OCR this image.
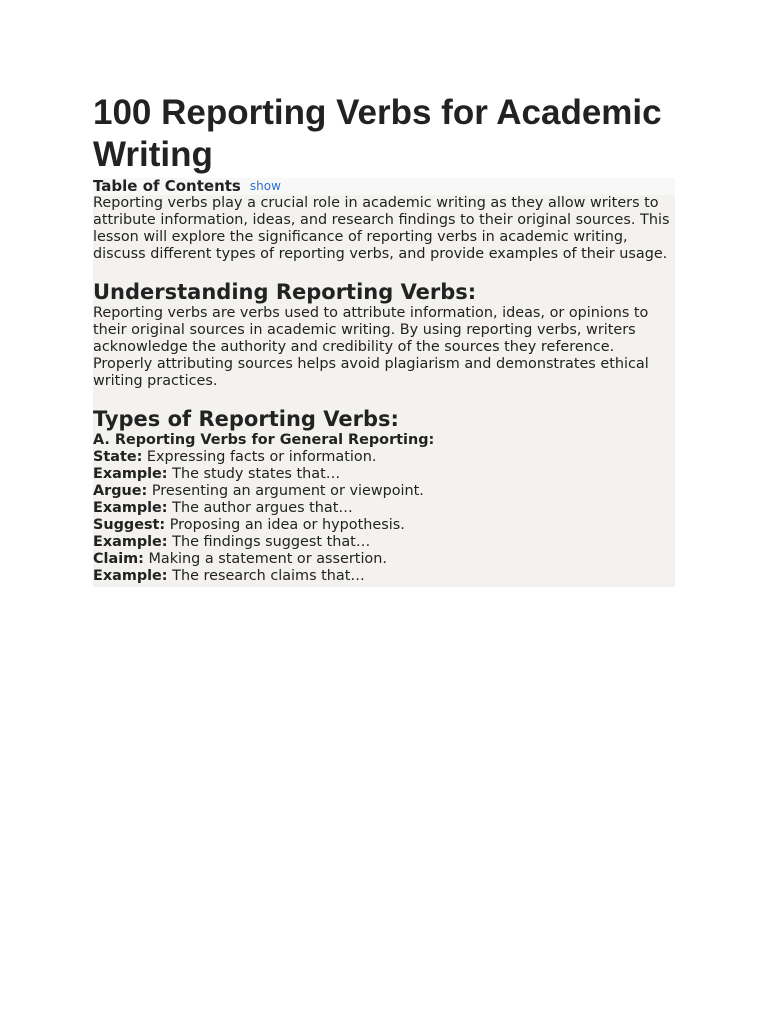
100 Reporting Verbs for Academic Writing
Table of Contents show

Reporting verbs play a crucial role in academic writing as they allow writers to attribute information, ideas, and research findings to their original sources. This lesson will explore the significance of reporting verbs in academic writing, discuss different types of reporting verbs, and provide examples of their usage.

Understanding Reporting Verbs:

Reporting verbs are verbs used to attribute information, ideas, or opinions to their original sources in academic writing. By using reporting verbs, writers acknowledge the authority and credibility of the sources they reference. Properly attributing sources helps avoid plagiarism and demonstrates ethical writing practices.

Types of Reporting Verbs:
A. Reporting Verbs for General Reporting:
State: Expressing facts or information.
Example: The study states that…
Argue: Presenting an argument or viewpoint.
Example: The author argues that…
Suggest: Proposing an idea or hypothesis.
Example: The findings suggest that…
Claim: Making a statement or assertion.
Example: The research claims that…
